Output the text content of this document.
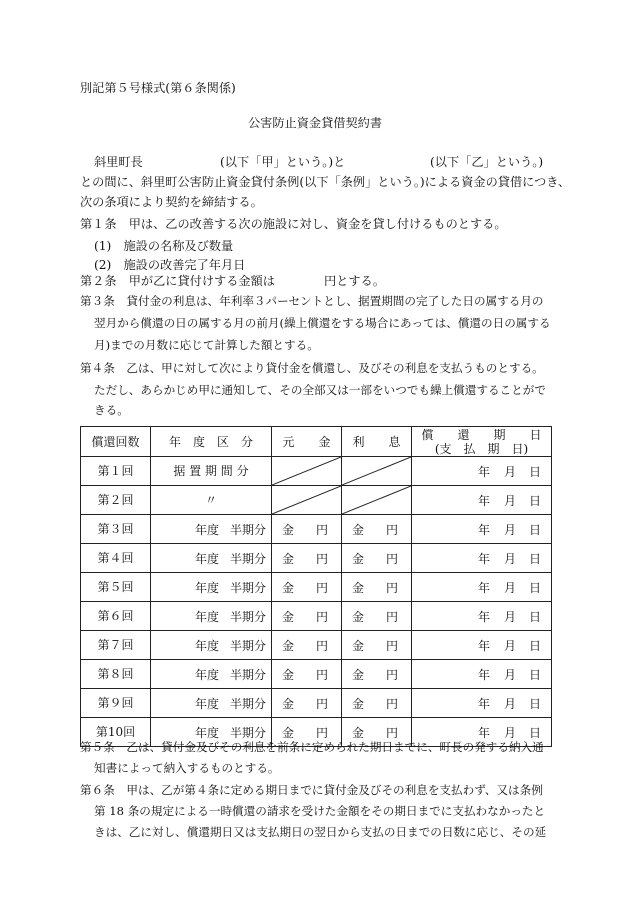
別記第５号様式(第６条関係)
公害防止資金貸借契約書
斜里町長	(以下「甲」という。)と	(以下「乙」という。)
との間に、斜里町公害防止資金貸付条例(以下「条例」という。)による資金の貸借につき、
次の条項により契約を締結する。
第１条　甲は、乙の改善する次の施設に対し、資金を貸し付けるものとする。
(1)　施設の名称及び数量
(2)　施設の改善完了年月日
第２条　甲が乙に貸付けする金額は	円とする。
第３条　貸付金の利息は、年利率３パーセントとし、据置期間の完了した日の属する月の
翌月から償還の日の属する月の前月(繰上償還をする場合にあっては、償還の日の属する
月)までの月数に応じて計算した額とする。
償還回数	年　度　区　分	元　　金	利　　息	償　　還　　期　　日
(支　払　期　日)

第１回	据 置 期 間 分			年 月 日

第２回	〃			年 月 日

第３回	年度 半期分	金 円	金 円	年 月 日

第４回	年度 半期分	金 円	金 円	年 月 日

第５回	年度 半期分	金 円	金 円	年 月 日

第６回	年度 半期分	金 円	金 円	年 月 日

第７回	年度 半期分	金 円	金 円	年 月 日

第８回	年度 半期分	金 円	金 円	年 月 日

第９回	年度 半期分	金 円	金 円	年 月 日

第10回	年度 半期分	金 円	金 円	年 月 日
第４条　乙は、甲に対して次により貸付金を償還し、及びその利息を支払うものとする。
ただし、あらかじめ甲に通知して、その全部又は一部をいつでも繰上償還することがで
きる。
第５条　乙は、貸付金及びその利息を前条に定められた期日までに、町長の発する納入通
知書によって納入するものとする。
第６条　甲は、乙が第４条に定める期日までに貸付金及びその利息を支払わず、又は条例
第 18 条の規定による一時償還の請求を受けた金額をその期日までに支払わなかったと
きは、乙に対し、償還期日又は支払期日の翌日から支払の日までの日数に応じ、その延
